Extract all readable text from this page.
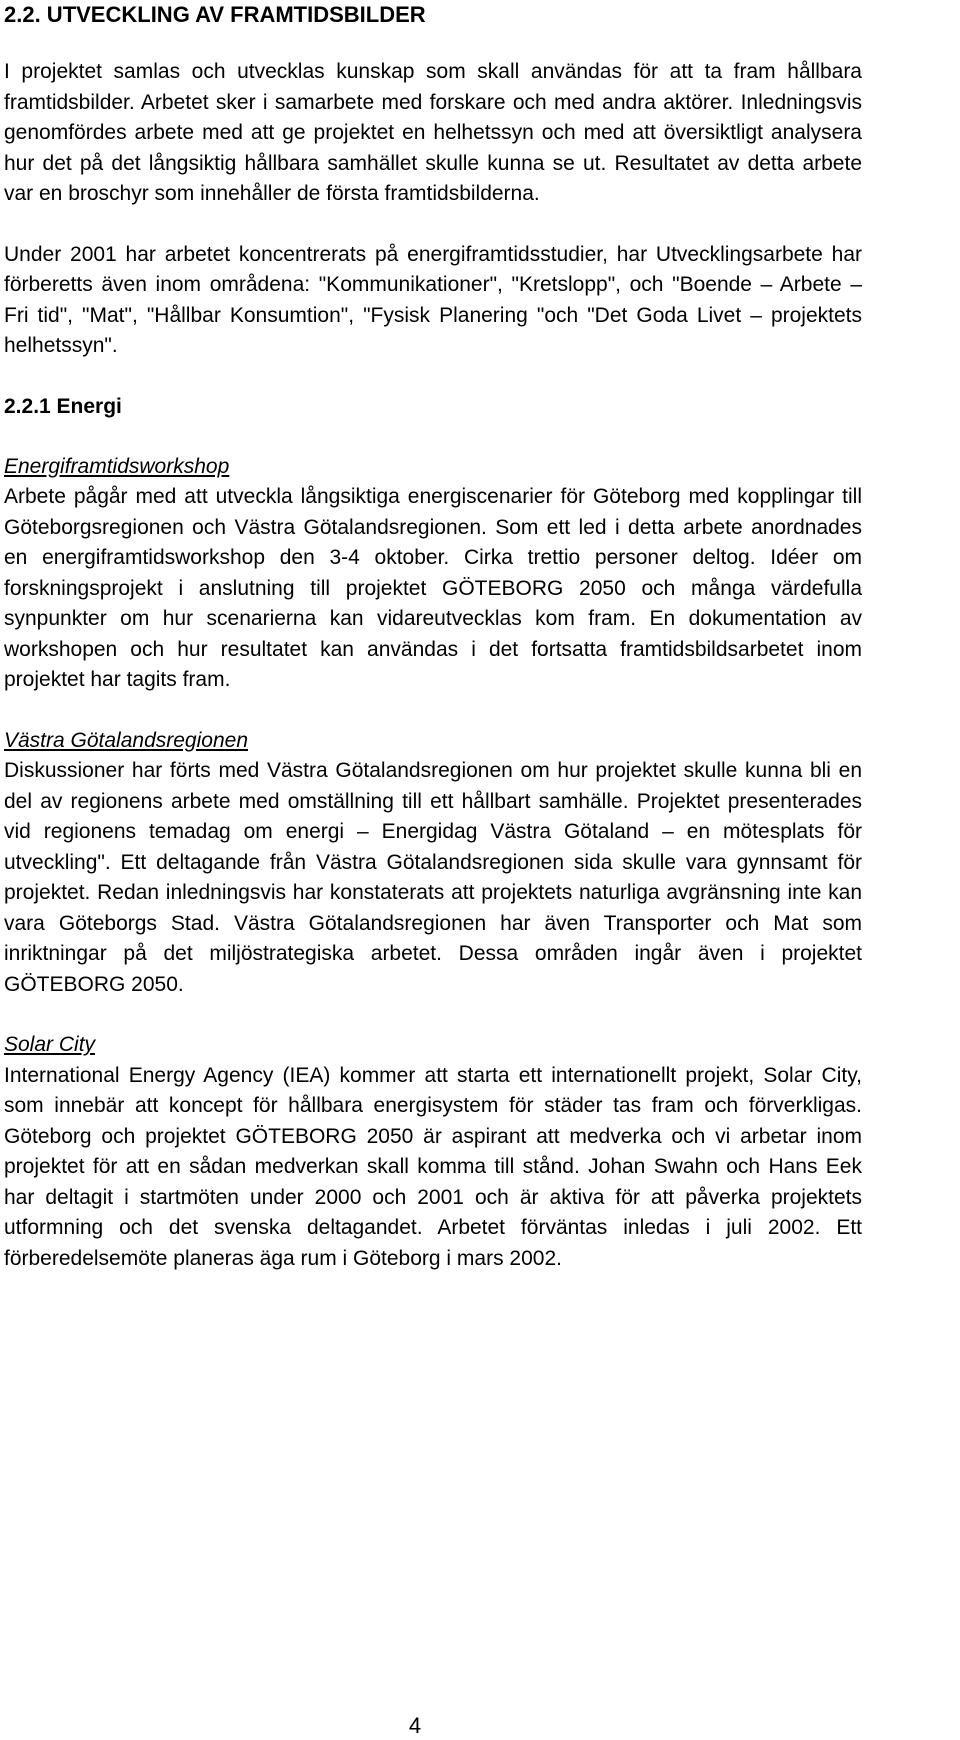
2.2. UTVECKLING AV FRAMTIDSBILDER

I projektet samlas och utvecklas kunskap som skall användas för att ta fram hållbara framtidsbilder. Arbetet sker i samarbete med forskare och med andra aktörer. Inledningsvis genomfördes arbete med att ge projektet en helhetssyn och med att översiktligt analysera hur det på det långsiktig hållbara samhället skulle kunna se ut. Resultatet av detta arbete var en broschyr som innehåller de första framtidsbilderna.

Under 2001 har arbetet koncentrerats på energiframtidsstudier, har Utvecklingsarbete har förberetts även inom områdena: "Kommunikationer", "Kretslopp", och "Boende – Arbete – Fri tid", "Mat", "Hållbar Konsumtion", "Fysisk Planering "och "Det Goda Livet – projektets helhetssyn".

2.2.1 Energi
Energiframtidsworkshop

Arbete pågår med att utveckla långsiktiga energiscenarier för Göteborg med kopplingar till Göteborgsregionen och Västra Götalandsregionen. Som ett led i detta arbete anordnades en energiframtidsworkshop den 3-4 oktober. Cirka trettio personer deltog. Idéer om forskningsprojekt i anslutning till projektet GÖTEBORG 2050 och många värdefulla synpunkter om hur scenarierna kan vidareutvecklas kom fram. En dokumentation av workshopen och hur resultatet kan användas i det fortsatta framtidsbildsarbetet inom projektet har tagits fram.

Västra Götalandsregionen

Diskussioner har förts med Västra Götalandsregionen om hur projektet skulle kunna bli en del av regionens arbete med omställning till ett hållbart samhälle. Projektet presenterades vid regionens temadag om energi – Energidag Västra Götaland – en mötesplats för utveckling". Ett deltagande från Västra Götalandsregionen sida skulle vara gynnsamt för projektet. Redan inledningsvis har konstaterats att projektets naturliga avgränsning inte kan vara Göteborgs Stad. Västra Götalandsregionen har även Transporter och Mat som inriktningar på det miljöstrategiska arbetet. Dessa områden ingår även i projektet GÖTEBORG 2050.

Solar City

International Energy Agency (IEA) kommer att starta ett internationellt projekt, Solar City, som innebär att koncept för hållbara energisystem för städer tas fram och förverkligas. Göteborg och projektet GÖTEBORG 2050 är aspirant att medverka och vi arbetar inom projektet för att en sådan medverkan skall komma till stånd. Johan Swahn och Hans Eek har deltagit i startmöten under 2000 och 2001 och är aktiva för att påverka projektets utformning och det svenska deltagandet. Arbetet förväntas inledas i juli 2002. Ett förberedelsemöte planeras äga rum i Göteborg i mars 2002.

4
